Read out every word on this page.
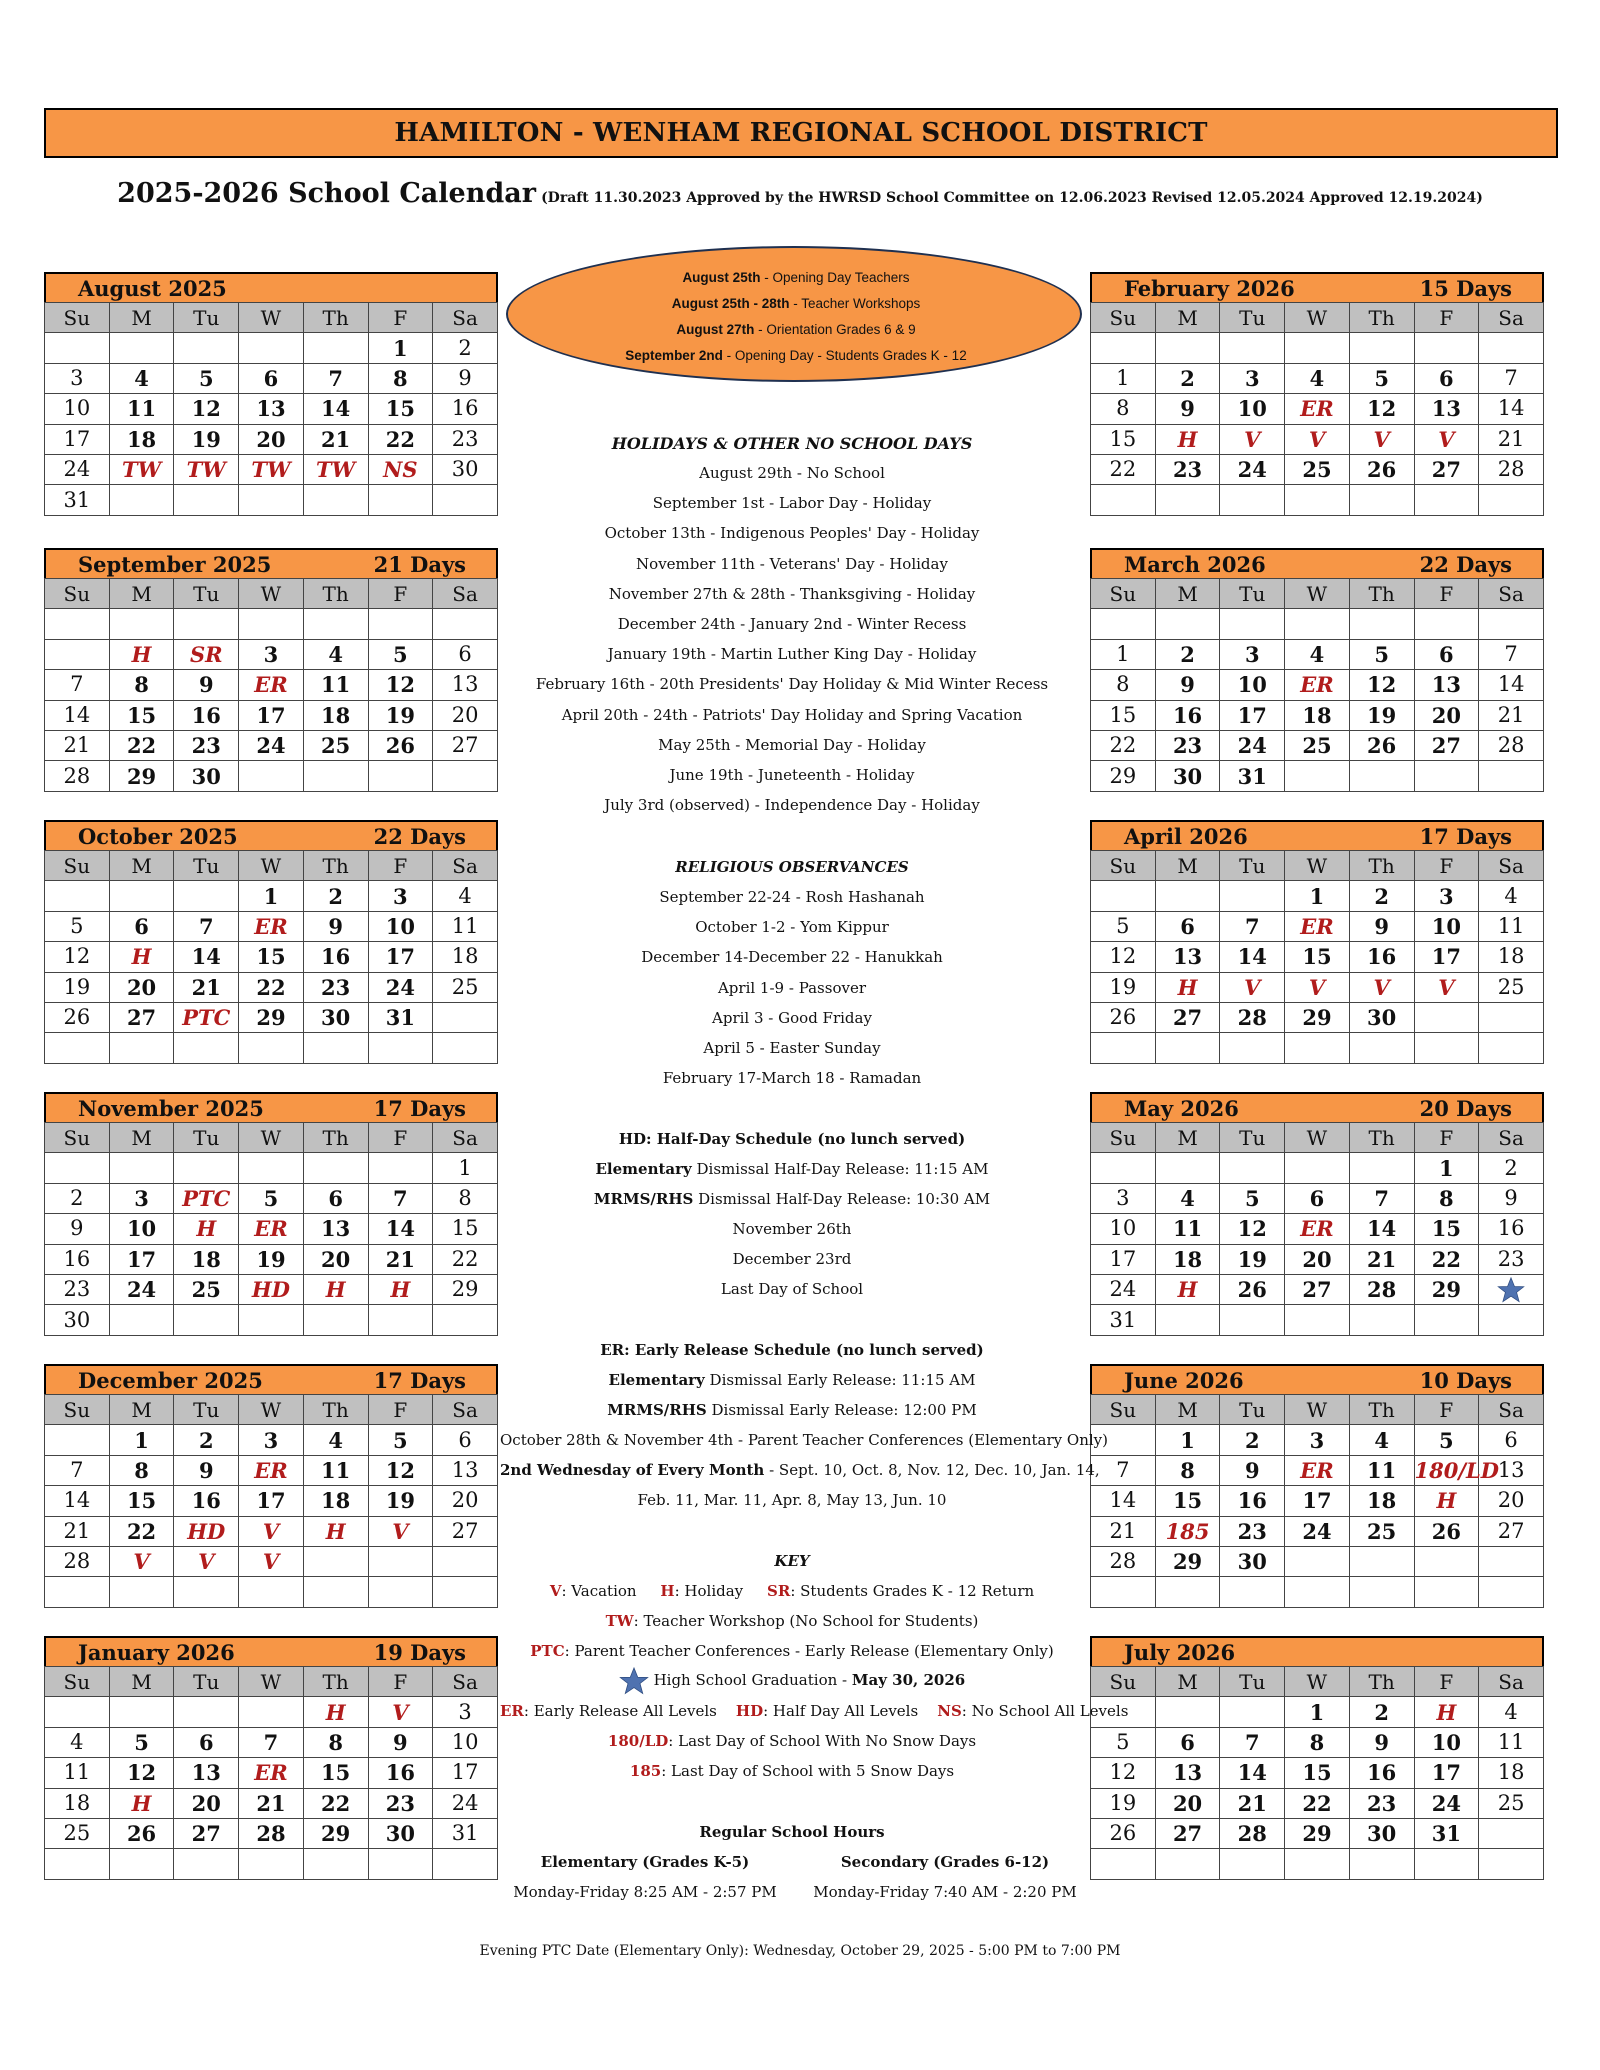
HAMILTON - WENHAM REGIONAL SCHOOL DISTRICT
2025-2026 School Calendar (Draft 11.30.2023 Approved by the HWRSD School Committee on 12.06.2023 Revised 12.05.2024 Approved 12.19.2024)
August 2025
Su	M	Tu	W	Th	F	Sa
					1	2
3	4	5	6	7	8	9
10	11	12	13	14	15	16
17	18	19	20	21	22	23
24	TW	TW	TW	TW	NS	30
31						
September 2025	21 Days
Su	M	Tu	W	Th	F	Sa

	H	SR	3	4	5	6
7	8	9	ER	11	12	13
14	15	16	17	18	19	20
21	22	23	24	25	26	27
28	29	30				
October 2025	22 Days
Su	M	Tu	W	Th	F	Sa
			1	2	3	4
5	6	7	ER	9	10	11
12	H	14	15	16	17	18
19	20	21	22	23	24	25
26	27	PTC	29	30	31	

November 2025	17 Days
Su	M	Tu	W	Th	F	Sa
						1
2	3	PTC	5	6	7	8
9	10	H	ER	13	14	15
16	17	18	19	20	21	22
23	24	25	HD	H	H	29
30						
December 2025	17 Days
Su	M	Tu	W	Th	F	Sa
	1	2	3	4	5	6
7	8	9	ER	11	12	13
14	15	16	17	18	19	20
21	22	HD	V	H	V	27
28	V	V	V			

January 2026	19 Days
Su	M	Tu	W	Th	F	Sa
				H	V	3
4	5	6	7	8	9	10
11	12	13	ER	15	16	17
18	H	20	21	22	23	24
25	26	27	28	29	30	31

February 2026	15 Days
Su	M	Tu	W	Th	F	Sa

1	2	3	4	5	6	7
8	9	10	ER	12	13	14
15	H	V	V	V	V	21
22	23	24	25	26	27	28

March 2026	22 Days
Su	M	Tu	W	Th	F	Sa

1	2	3	4	5	6	7
8	9	10	ER	12	13	14
15	16	17	18	19	20	21
22	23	24	25	26	27	28
29	30	31				
April 2026	17 Days
Su	M	Tu	W	Th	F	Sa
			1	2	3	4
5	6	7	ER	9	10	11
12	13	14	15	16	17	18
19	H	V	V	V	V	25
26	27	28	29	30		

May 2026	20 Days
Su	M	Tu	W	Th	F	Sa
					1	2
3	4	5	6	7	8	9
10	11	12	ER	14	15	16
17	18	19	20	21	22	23
24	H	26	27	28	29	
31						
June 2026	10 Days
Su	M	Tu	W	Th	F	Sa
	1	2	3	4	5	6
7	8	9	ER	11	180/LD	13
14	15	16	17	18	H	20
21	185	23	24	25	26	27
28	29	30				

July 2026
Su	M	Tu	W	Th	F	Sa
			1	2	H	4
5	6	7	8	9	10	11
12	13	14	15	16	17	18
19	20	21	22	23	24	25
26	27	28	29	30	31	

August 25th - Opening Day Teachers
August 25th - 28th - Teacher Workshops
August 27th - Orientation Grades 6 & 9
September 2nd - Opening Day - Students Grades K - 12
HOLIDAYS & OTHER NO SCHOOL DAYS
August 29th - No School
September 1st - Labor Day - Holiday
October 13th - Indigenous Peoples' Day - Holiday
November 11th - Veterans' Day - Holiday
November 27th & 28th - Thanksgiving - Holiday
December 24th - January 2nd - Winter Recess
January 19th - Martin Luther King Day - Holiday
February 16th - 20th Presidents' Day Holiday & Mid Winter Recess
April 20th - 24th - Patriots' Day Holiday and Spring Vacation
May 25th - Memorial Day - Holiday
June 19th - Juneteenth - Holiday
July 3rd (observed) - Independence Day - Holiday
RELIGIOUS OBSERVANCES
September 22-24 - Rosh Hashanah
October 1-2 - Yom Kippur
December 14-December 22 - Hanukkah
April 1-9 - Passover
April 3 - Good Friday
April 5 - Easter Sunday
February 17-March 18 - Ramadan
HD: Half-Day Schedule (no lunch served)
Elementary Dismissal Half-Day Release: 11:15 AM
MRMS/RHS Dismissal Half-Day Release: 10:30 AM
November 26th
December 23rd
Last Day of School
ER: Early Release Schedule (no lunch served)
Elementary Dismissal Early Release: 11:15 AM
MRMS/RHS Dismissal Early Release: 12:00 PM
October 28th & November 4th - Parent Teacher Conferences (Elementary Only)
2nd Wednesday of Every Month - Sept. 10, Oct. 8, Nov. 12, Dec. 10, Jan. 14,
Feb. 11, Mar. 11, Apr. 8, May 13, Jun. 10
KEY
V: Vacation H: Holiday SR: Students Grades K - 12 Return
TW: Teacher Workshop (No School for Students)
PTC: Parent Teacher Conferences - Early Release (Elementary Only)
High School Graduation - May 30, 2026
ER: Early Release All Levels HD: Half Day All Levels NS: No School All Levels
180/LD: Last Day of School With No Snow Days
185: Last Day of School with 5 Snow Days
Regular School Hours
Elementary (Grades K-5)	Secondary (Grades 6-12)
Monday-Friday 8:25 AM - 2:57 PM	Monday-Friday 7:40 AM - 2:20 PM
Evening PTC Date (Elementary Only): Wednesday, October 29, 2025 - 5:00 PM to 7:00 PM
